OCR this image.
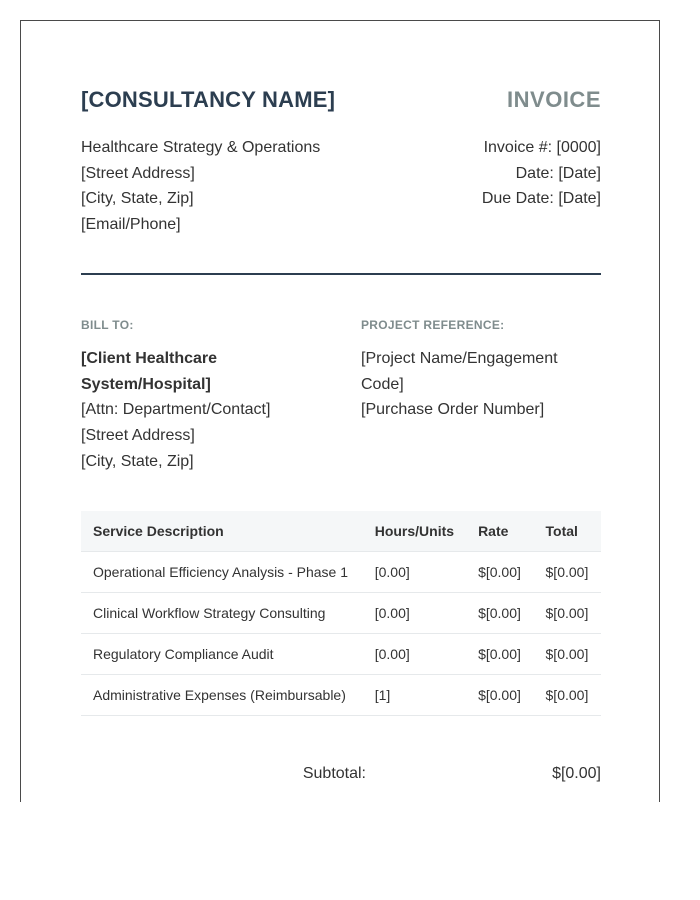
[CONSULTANCY NAME]	INVOICE
Healthcare Strategy & Operations
[Street Address]
[City, State, Zip]
[Email/Phone]
Invoice #: [0000]
Date: [Date]
Due Date: [Date]
BILL TO:
[Client Healthcare
System/Hospital]
[Attn: Department/Contact]
[Street Address]
[City, State, Zip]
PROJECT REFERENCE:
[Project Name/Engagement
Code]
[Purchase Order Number]
Service Description	Hours/Units	Rate	Total
Operational Efficiency Analysis - Phase 1	[0.00]	$[0.00]	$[0.00]
Clinical Workflow Strategy Consulting	[0.00]	$[0.00]	$[0.00]
Regulatory Compliance Audit	[0.00]	$[0.00]	$[0.00]
Administrative Expenses (Reimbursable)	[1]	$[0.00]	$[0.00]
Subtotal:	$[0.00]
